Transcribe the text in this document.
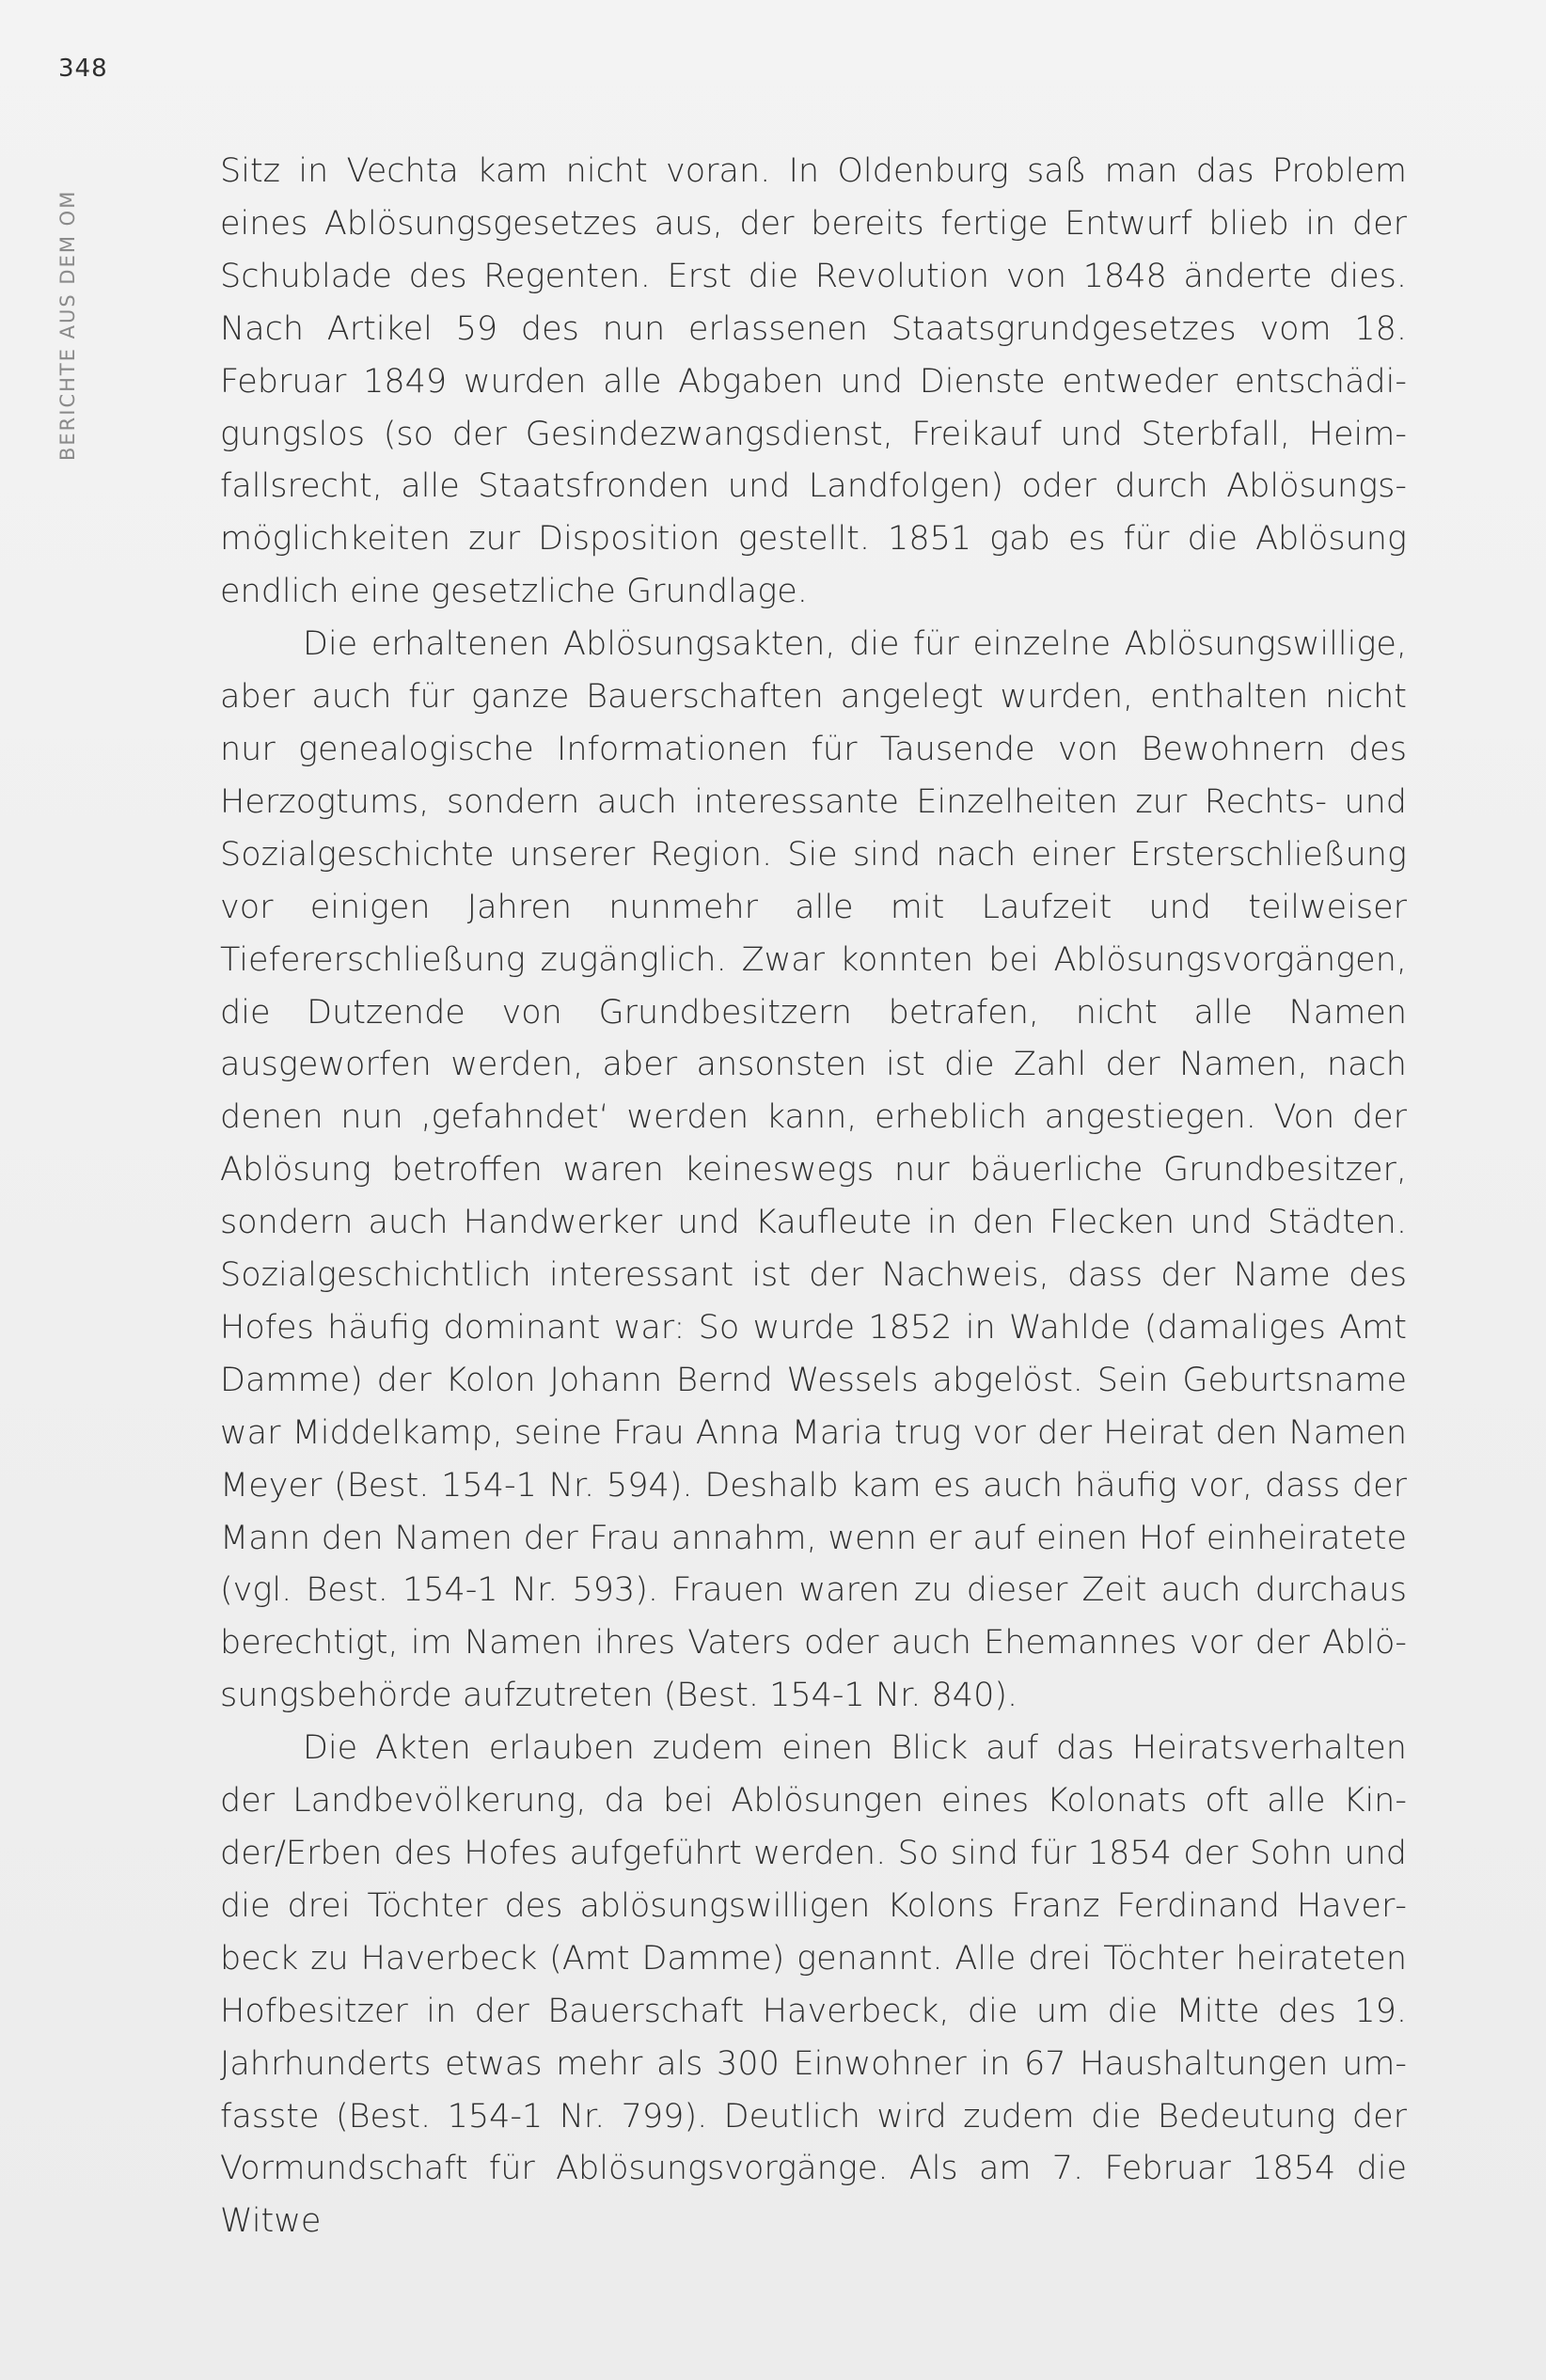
348
BERICHTE AUS DEM OM

Sitz in Vechta kam nicht voran. In Oldenburg saß man das Problem eines Ablösungsgesetzes aus, der bereits fertige Entwurf blieb in der Schublade des Regenten. Erst die Revolution von 1848 änderte dies. Nach Artikel 59 des nun erlassenen Staatsgrundgesetzes vom 18. Februar 1849 wurden alle Abgaben und Dienste entweder entschädigungslos (so der Gesindezwangsdienst, Freikauf und Sterbfall, Heimfallsrecht, alle Staatsfronden und Landfolgen) oder durch Ablösungsmöglichkeiten zur Disposition gestellt. 1851 gab es für die Ablösung endlich eine gesetzliche Grundlage.

Die erhaltenen Ablösungsakten, die für einzelne Ablösungswillige, aber auch für ganze Bauerschaften angelegt wurden, enthalten nicht nur genealogische Informationen für Tausende von Bewohnern des Herzogtums, sondern auch interessante Einzelheiten zur Rechts- und Sozialgeschichte unserer Region. Sie sind nach einer Ersterschließung vor einigen Jahren nunmehr alle mit Laufzeit und teilweiser Tiefererschließung zugänglich. Zwar konnten bei Ablösungsvorgängen, die Dutzende von Grundbesitzern betrafen, nicht alle Namen ausgeworfen werden, aber ansonsten ist die Zahl der Namen, nach denen nun ‚gefahndet‘ werden kann, erheblich angestiegen. Von der Ablösung betroffen waren keineswegs nur bäuerliche Grundbesitzer, sondern auch Handwerker und Kaufleute in den Flecken und Städten. Sozialgeschichtlich interessant ist der Nachweis, dass der Name des Hofes häufig dominant war: So wurde 1852 in Wahlde (damaliges Amt Damme) der Kolon Johann Bernd Wessels abgelöst. Sein Geburtsname war Middelkamp, seine Frau Anna Maria trug vor der Heirat den Namen Meyer (Best. 154-1 Nr. 594). Deshalb kam es auch häufig vor, dass der Mann den Namen der Frau annahm, wenn er auf einen Hof einheiratete (vgl. Best. 154-1 Nr. 593). Frauen waren zu dieser Zeit auch durchaus berechtigt, im Namen ihres Vaters oder auch Ehemannes vor der Ablösungsbehörde aufzutreten (Best. 154-1 Nr. 840).

Die Akten erlauben zudem einen Blick auf das Heiratsverhalten der Landbevölkerung, da bei Ablösungen eines Kolonats oft alle Kinder/Erben des Hofes aufgeführt werden. So sind für 1854 der Sohn und die drei Töchter des ablösungswilligen Kolons Franz Ferdinand Haverbeck zu Haverbeck (Amt Damme) genannt. Alle drei Töchter heirateten Hofbesitzer in der Bauerschaft Haverbeck, die um die Mitte des 19. Jahrhunderts etwas mehr als 300 Einwohner in 67 Haushaltungen umfasste (Best. 154-1 Nr. 799). Deutlich wird zudem die Bedeutung der Vormundschaft für Ablösungsvorgänge. Als am 7. Februar 1854 die Witwe
